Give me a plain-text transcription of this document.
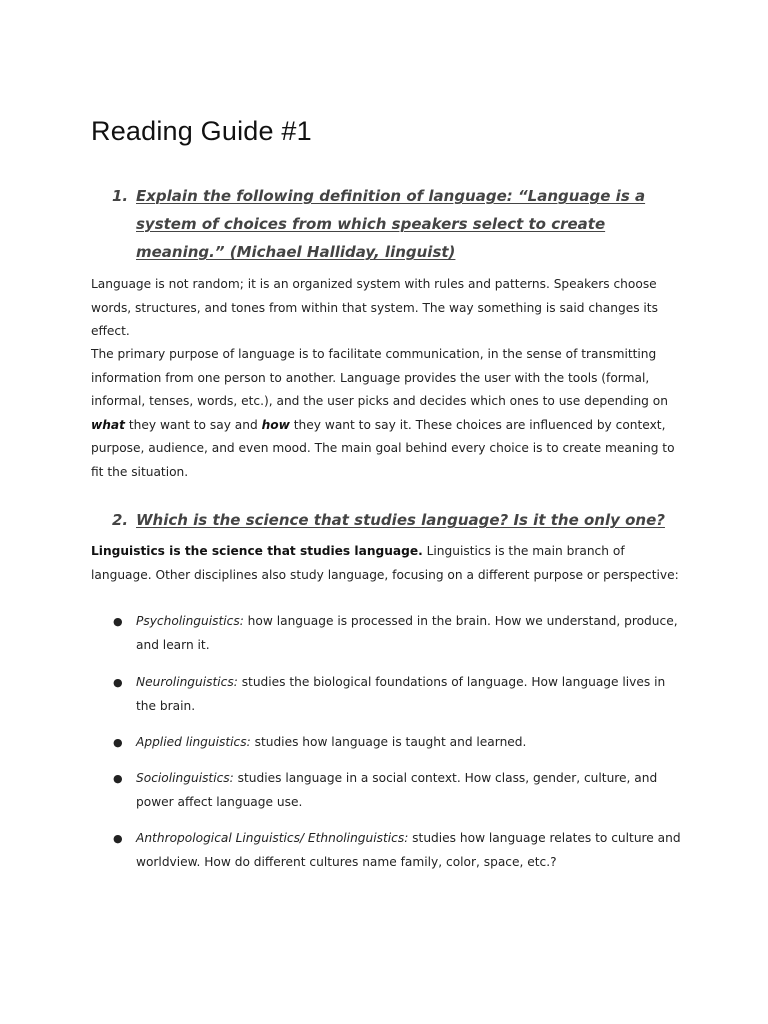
Reading Guide #1
1. Explain the following definition of language: “Language is a system of choices from which speakers select to create meaning.” (Michael Halliday, linguist)

Language is not random; it is an organized system with rules and patterns. Speakers choose words, structures, and tones from within that system. The way something is said changes its effect.

The primary purpose of language is to facilitate communication, in the sense of transmitting information from one person to another. Language provides the user with the tools (formal, informal, tenses, words, etc.), and the user picks and decides which ones to use depending on what they want to say and how they want to say it. These choices are influenced by context, purpose, audience, and even mood. The main goal behind every choice is to create meaning to fit the situation.

2. Which is the science that studies language? Is it the only one?

Linguistics is the science that studies language. Linguistics is the main branch of language. Other disciplines also study language, focusing on a different purpose or perspective:

●	Psycholinguistics: how language is processed in the brain. How we understand, produce, and learn it.
●	Neurolinguistics: studies the biological foundations of language. How language lives in the brain.
●	Applied linguistics: studies how language is taught and learned.
●	Sociolinguistics: studies language in a social context. How class, gender, culture, and power affect language use.
●	Anthropological Linguistics/ Ethnolinguistics: studies how language relates to culture and worldview. How do different cultures name family, color, space, etc.?
